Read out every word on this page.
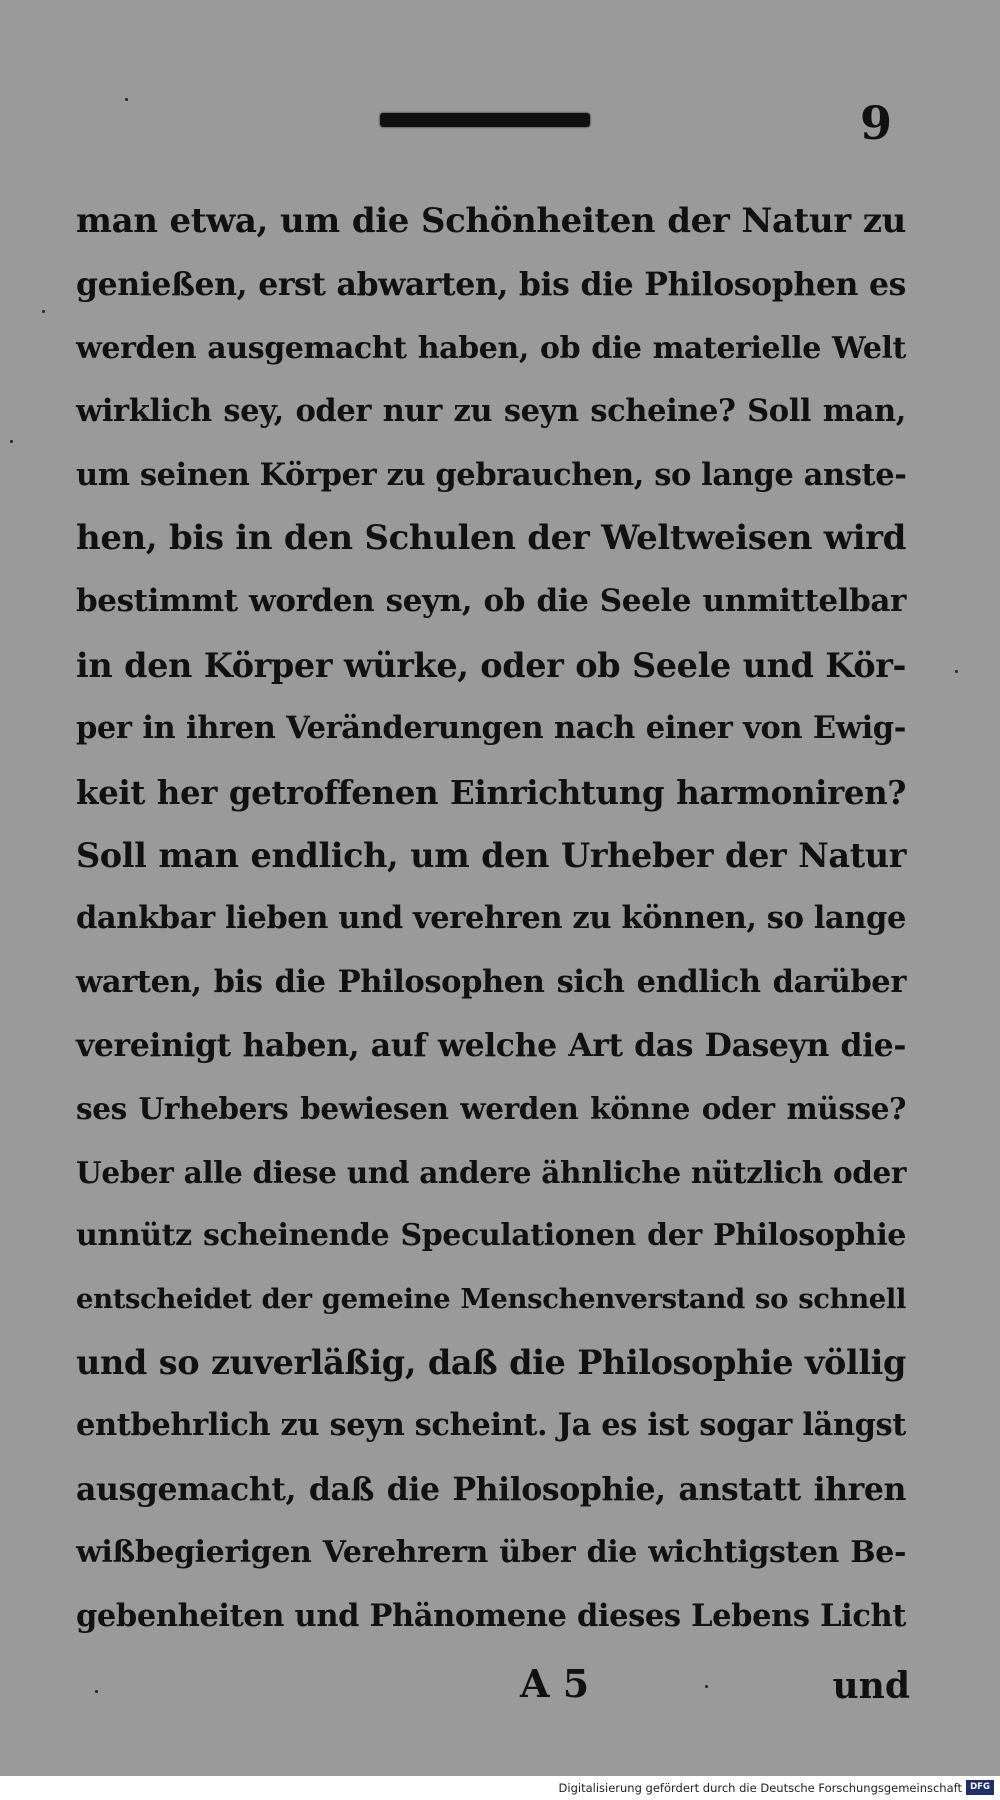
9
man etwa, um die Schönheiten der Natur zu
genießen, erst abwarten, bis die Philosophen es
werden ausgemacht haben, ob die materielle Welt
wirklich sey, oder nur zu seyn scheine? Soll man,
um seinen Körper zu gebrauchen, so lange anste-
hen, bis in den Schulen der Weltweisen wird
bestimmt worden seyn, ob die Seele unmittelbar
in den Körper würke, oder ob Seele und Kör-
per in ihren Veränderungen nach einer von Ewig-
keit her getroffenen Einrichtung harmoniren?
Soll man endlich, um den Urheber der Natur
dankbar lieben und verehren zu können, so lange
warten, bis die Philosophen sich endlich darüber
vereinigt haben, auf welche Art das Daseyn die-
ses Urhebers bewiesen werden könne oder müsse?
Ueber alle diese und andere ähnliche nützlich oder
unnütz scheinende Speculationen der Philosophie
entscheidet der gemeine Menschenverstand so schnell
und so zuverläßig, daß die Philosophie völlig
entbehrlich zu seyn scheint. Ja es ist sogar längst
ausgemacht, daß die Philosophie, anstatt ihren
wißbegierigen Verehrern über die wichtigsten Be-
gebenheiten und Phänomene dieses Lebens Licht
A 5	und
Digitalisierung gefördert durch die Deutsche Forschungsgemeinschaft DFG
